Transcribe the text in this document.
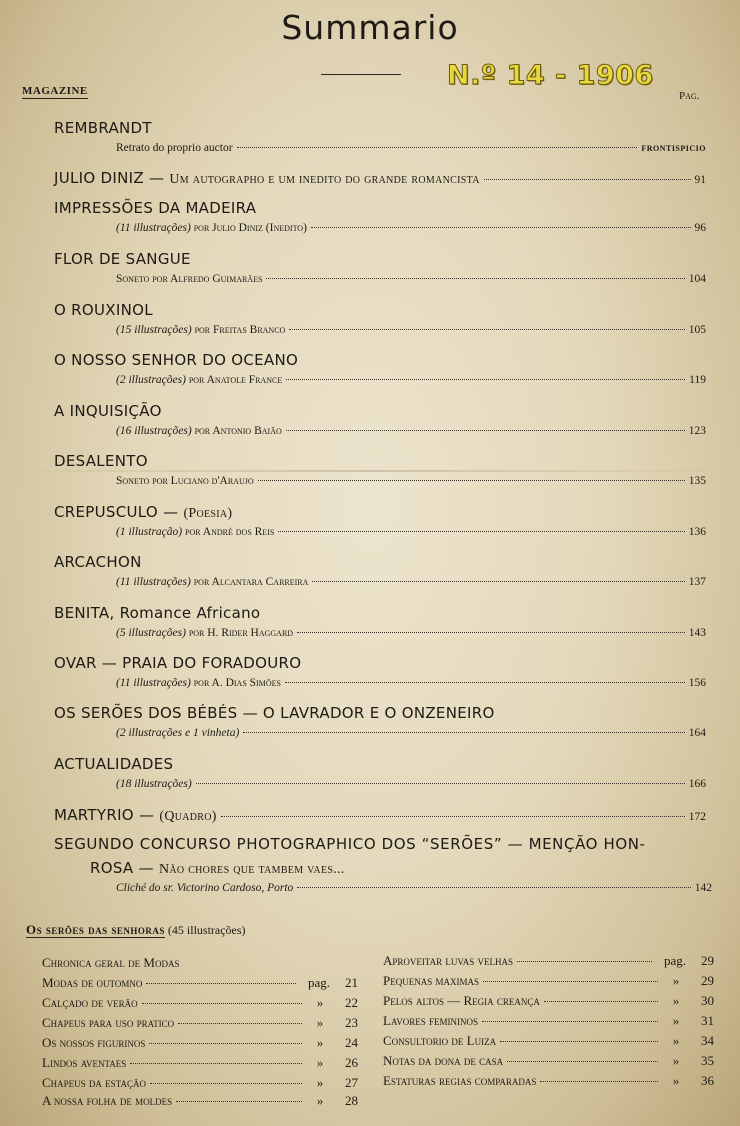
Summario
N.º 14 - 1906
MAGAZINE	Pag.
REMBRANDT
Retrato do proprio auctor	frontispicio
JULIO DINIZ — Um autographo e um inedito do grande romancista	91
IMPRESSÕES DA MADEIRA
(11 illustrações) por Julio Diniz (Inedito)	96
FLOR DE SANGUE
Soneto por Alfredo Guimarães	104
O ROUXINOL
(15 illustrações) por Freitas Branco	105
O NOSSO SENHOR DO OCEANO
(2 illustrações) por Anatole France	119
A INQUISIÇÃO
(16 illustrações) por Antonio Baião	123
DESALENTO
Soneto por Luciano d'Araujo	135
CREPUSCULO — (Poesia)
(1 illustração) por André dos Reis	136
ARCACHON
(11 illustrações) por Alcantara Carreira	137
BENITA, Romance Africano
(5 illustrações) por H. Rider Haggard	143
OVAR — PRAIA DO FORADOURO
(11 illustrações) por A. Dias Simões	156
OS SERÕES DOS BÉBÉS — O LAVRADOR E O ONZENEIRO
(2 illustrações e 1 vinheta)	164
ACTUALIDADES
(18 illustrações)	166
MARTYRIO — (Quadro)	172
SEGUNDO CONCURSO PHOTOGRAPHICO DOS “SERÕES” — MENÇÃO HON-
ROSA — Não chores que tambem vaes...
Cliché do sr. Victorino Cardoso, Porto	142
Os serões das senhoras (45 illustrações)
Chronica geral de Modas
Modas de outomno	pag.	21
Calçado de verão	»	22
Chapeus para uso pratico	»	23
Os nossos figurinos	»	24
Lindos aventaes	»	26
Chapeus da estação	»	27
A nossa folha de moldes	»	28
Aproveitar luvas velhas	pag.	29
Pequenas maximas	»	29
Pelos altos — Regia creança	»	30
Lavores femininos	»	31
Consultorio de Luiza	»	34
Notas da dona de casa	»	35
Estaturas regias comparadas	»	36
